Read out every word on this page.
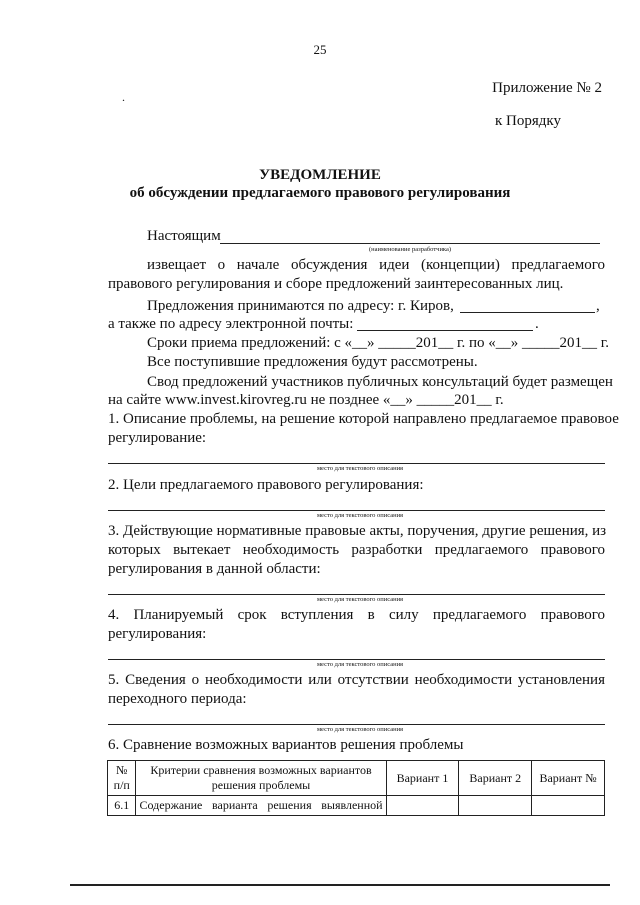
25
.
Приложение № 2
к Порядку
УВЕДОМЛЕНИЕ
об обсуждении предлагаемого правового регулирования
Настоящим
(наименование разработчика)
извещает о начале обсуждения идеи (концепции) предлагаемого
правового регулирования и сборе предложений заинтересованных лиц.
Предложения принимаются по адресу: г. Киров,	,
а также по адресу электронной почты:	.
Сроки приема предложений: с «__» _____201__ г. по «__» _____201__ г.
Все поступившие предложения будут рассмотрены.
Свод предложений участников публичных консультаций будет размещен
на сайте www.invest.kirovreg.ru не позднее «__» _____201__ г.
1. Описание проблемы, на решение которой направлено предлагаемое правовое
регулирование:
место для текстового описания
2. Цели предлагаемого правового регулирования:
место для текстового описания
3. Действующие нормативные правовые акты, поручения, другие решения, из
которых вытекает необходимость разработки предлагаемого правового
регулирования в данной области:
место для текстового описания
4. Планируемый срок вступления в силу предлагаемого правового
регулирования:
место для текстового описания
5. Сведения о необходимости или отсутствии необходимости установления
переходного периода:
место для текстового описания
6. Сравнение возможных вариантов решения проблемы
№ п/п	Критерии сравнения возможных вариантов решения проблемы	Вариант 1	Вариант 2	Вариант №
6.1	Содержание варианта решения выявленной			
